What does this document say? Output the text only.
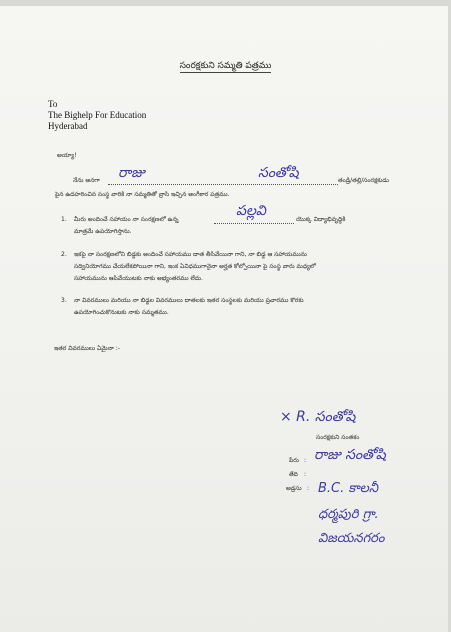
సంరక్షకుని సమ్మతి పత్రము
To
The Bighelp For Education
Hyderabad
అయ్యా!
నేను అనగా రాజు	సంతోషి	తండ్రి/తల్లి/సంరక్షకుడు
పైన ఉదహరించిన సంస్థ వారికి నా సమ్మతితో వ్రాసి ఇచ్చిన అంగీకార పత్రము.
1. మీరు అందించే సహాయం నా సంరక్షణలో ఉన్న
పల్లవి
యొక్క విద్యాభివృద్ధికి
మాత్రమే ఉపయోగిస్తాను.
2. ఇకపై నా సంరక్షణలోని బిడ్డకు అందించే సహాయము దాత తీసివేయినా గాని, నా బిడ్డ ఆ సహాయమును
సద్వినియోగము చేయలేకపోయినా గాని, ఇంక ఏవిధముగానైనా అర్హత కోల్పోయినా పై సంస్థ వారు మధ్యలో
సహాయమును ఆపివేయుటకు నాకు అభ్యంతరము లేదు.
3. నా వివరములు మరియు నా బిడ్డల వివరములు దాతలకు ఇతర సంస్థలకు మరియు ప్రచారము కొరకు
ఉపయోగించుకొనుటకు నాకు సమ్మతము.
ఇతర వివరములు ఏమైనా :-
× R. సంతోషి
సంరక్షకుని సంతకం
పేరు : రాజు సంతోషి
తేది :
అడ్రసు : B.C. కాలనీ
ధర్మపురి గ్రా.
విజయనగరం
